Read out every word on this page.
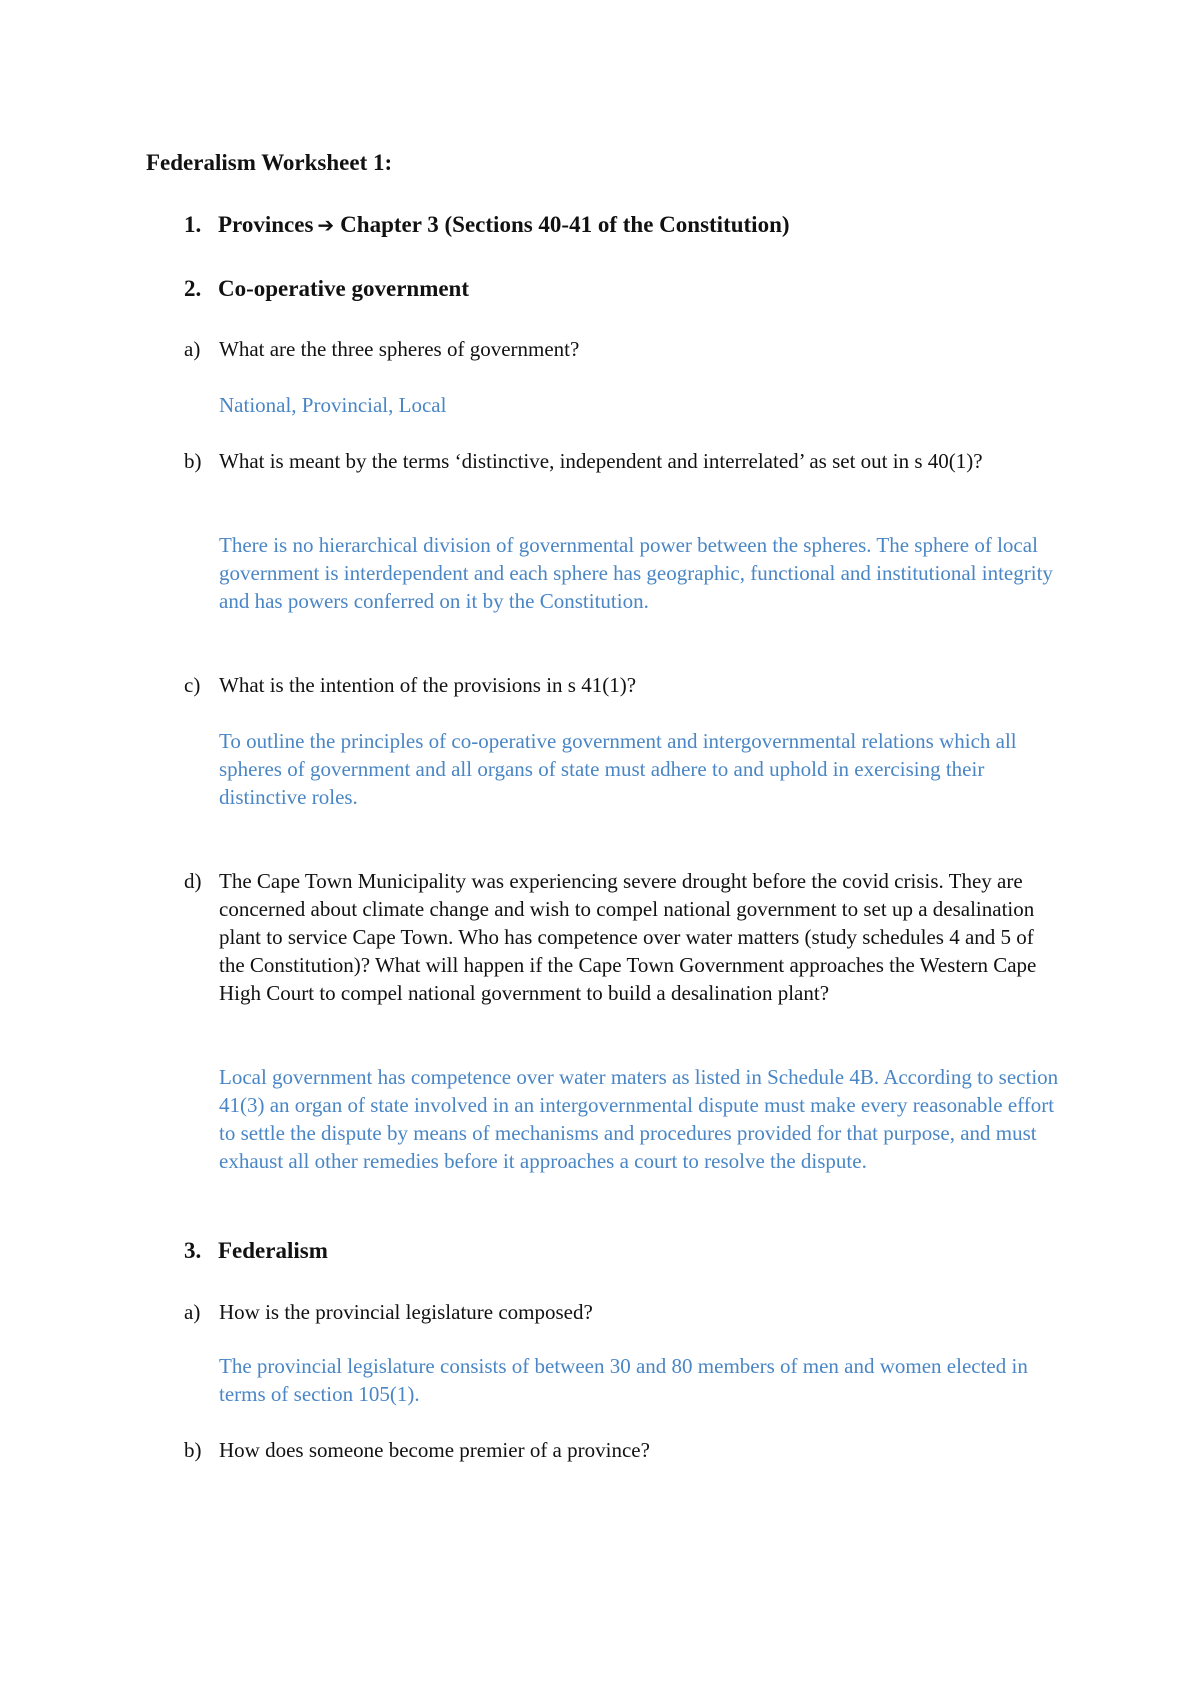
Federalism Worksheet 1:
1. Provinces ➔ Chapter 3 (Sections 40-41 of the Constitution)
2. Co-operative government
a) What are the three spheres of government?
National, Provincial, Local
b) What is meant by the terms ‘distinctive, independent and interrelated’ as set out in s 40(1)?
There is no hierarchical division of governmental power between the spheres. The sphere of local government is interdependent and each sphere has geographic, functional and institutional integrity and has powers conferred on it by the Constitution.
c) What is the intention of the provisions in s 41(1)?
To outline the principles of co-operative government and intergovernmental relations which all spheres of government and all organs of state must adhere to and uphold in exercising their distinctive roles.
d) The Cape Town Municipality was experiencing severe drought before the covid crisis. They are concerned about climate change and wish to compel national government to set up a desalination plant to service Cape Town. Who has competence over water matters (study schedules 4 and 5 of the Constitution)? What will happen if the Cape Town Government approaches the Western Cape High Court to compel national government to build a desalination plant?
Local government has competence over water maters as listed in Schedule 4B. According to section 41(3) an organ of state involved in an intergovernmental dispute must make every reasonable effort to settle the dispute by means of mechanisms and procedures provided for that purpose, and must exhaust all other remedies before it approaches a court to resolve the dispute.
3. Federalism
a) How is the provincial legislature composed?
The provincial legislature consists of between 30 and 80 members of men and women elected in terms of section 105(1).
b) How does someone become premier of a province?
